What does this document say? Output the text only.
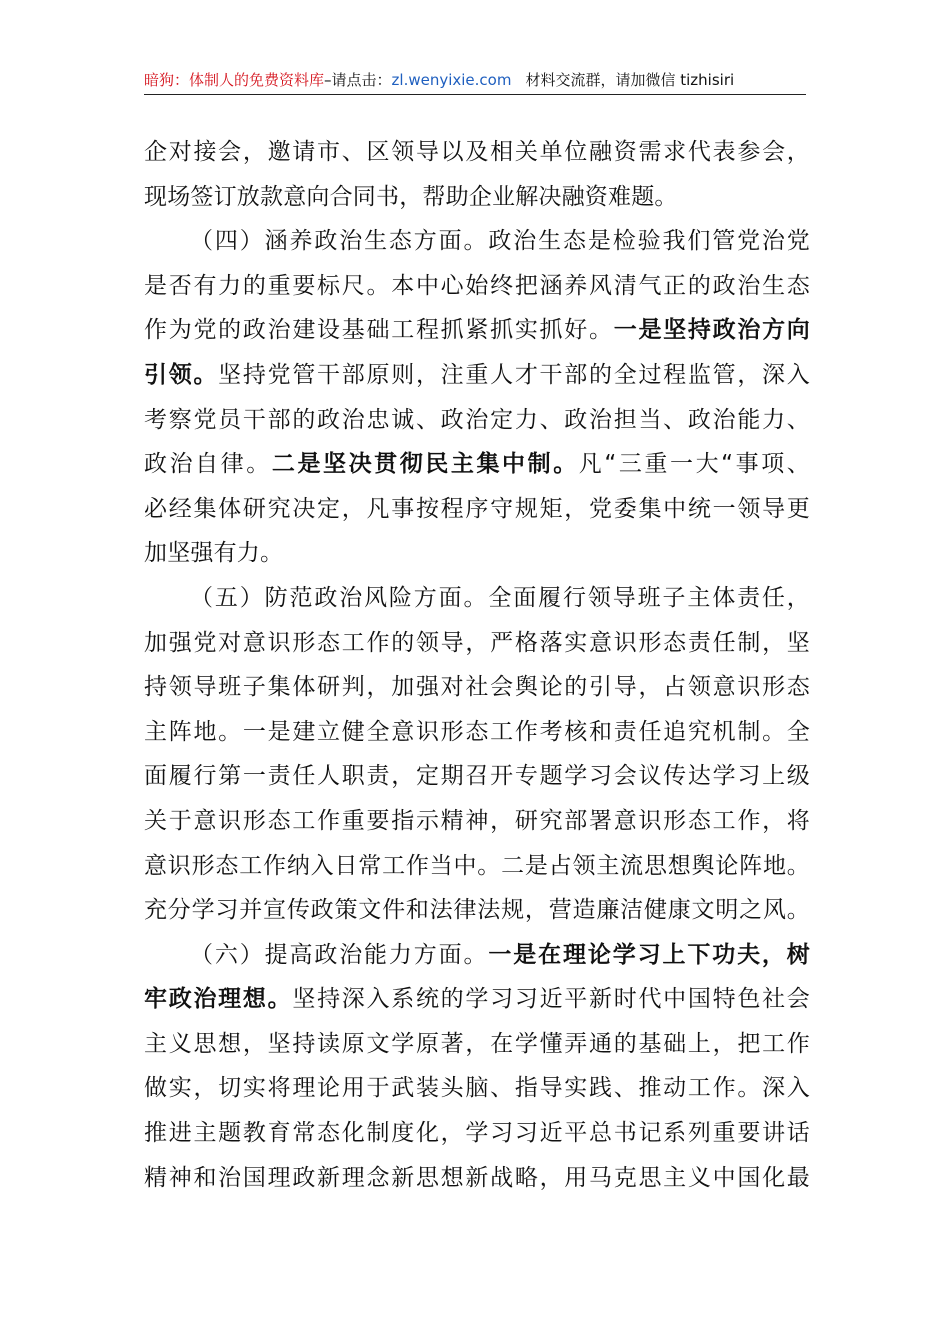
暗狗：体制人的免费资料库–请点击：zl.wenyixie.com 材料交流群，请加微信 tizhisiri
企对接会，邀请市、区领导以及相关单位融资需求代表参会，
现场签订放款意向合同书，帮助企业解决融资难题。
（四）涵养政治生态方面。政治生态是检验我们管党治党
是否有力的重要标尺。本中心始终把涵养风清气正的政治生态
作为党的政治建设基础工程抓紧抓实抓好。一是坚持政治方向
引领。坚持党管干部原则，注重人才干部的全过程监管，深入
考察党员干部的政治忠诚、政治定力、政治担当、政治能力、
政治自律。二是坚决贯彻民主集中制。凡“三重一大“事项、
必经集体研究决定，凡事按程序守规矩，党委集中统一领导更
加坚强有力。
（五）防范政治风险方面。全面履行领导班子主体责任，
加强党对意识形态工作的领导，严格落实意识形态责任制，坚
持领导班子集体研判，加强对社会舆论的引导，占领意识形态
主阵地。一是建立健全意识形态工作考核和责任追究机制。全
面履行第一责任人职责，定期召开专题学习会议传达学习上级
关于意识形态工作重要指示精神，研究部署意识形态工作，将
意识形态工作纳入日常工作当中。二是占领主流思想舆论阵地。
充分学习并宣传政策文件和法律法规，营造廉洁健康文明之风。
（六）提高政治能力方面。一是在理论学习上下功夫，树
牢政治理想。坚持深入系统的学习习近平新时代中国特色社会
主义思想，坚持读原文学原著，在学懂弄通的基础上，把工作
做实，切实将理论用于武装头脑、指导实践、推动工作。深入
推进主题教育常态化制度化，学习习近平总书记系列重要讲话
精神和治国理政新理念新思想新战略，用马克思主义中国化最
